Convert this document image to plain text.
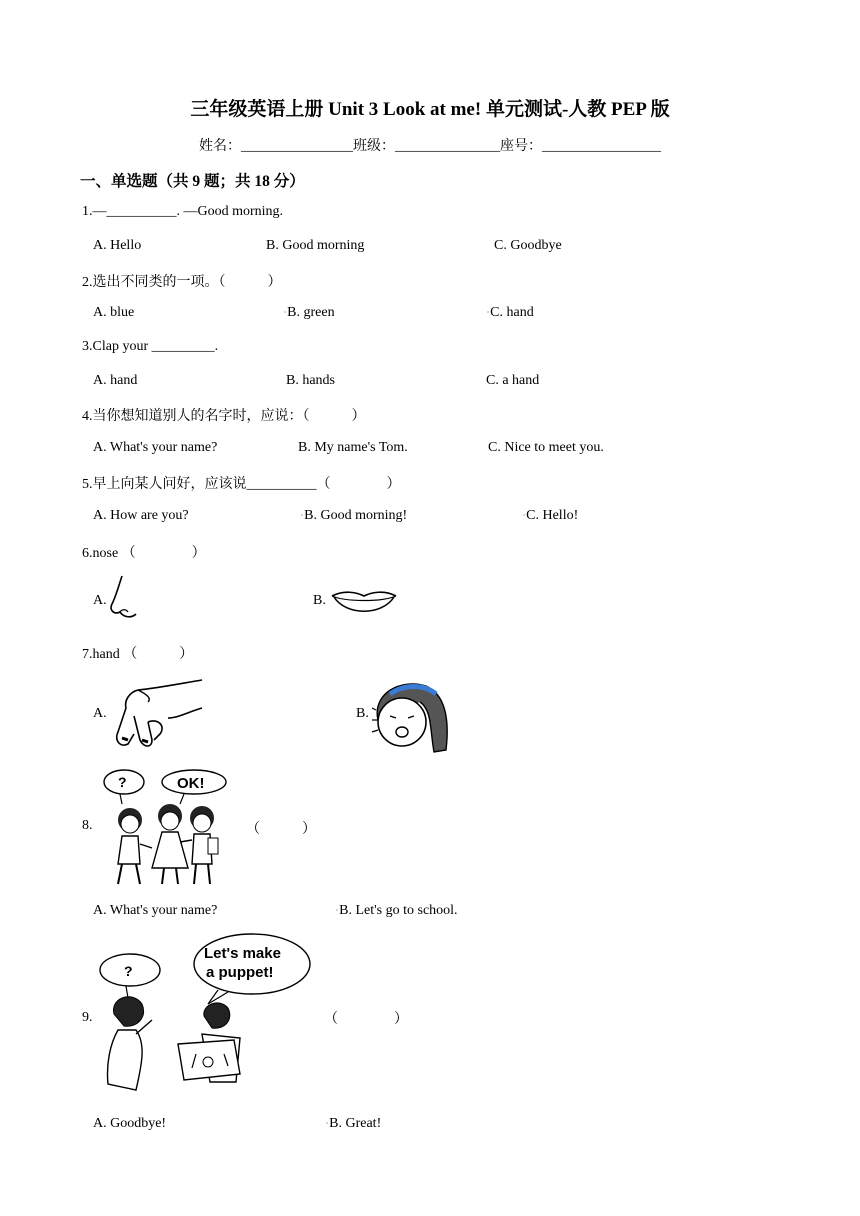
三年级英语上册 Unit 3 Look at me! 单元测试-人教 PEP 版
姓名：________________班级：_______________座号：_________________
一、单选题（共 9 题；共 18 分）
1.—__________. —Good morning.
A. Hello	B. Good morning	C. Goodbye
2.选出不同类的一项。（　　　）
A. blue	▫B. green	▫C. hand
3.Clap your _________.
A. hand	B. hands	C. a hand
4.当你想知道别人的名字时，应说：（　　　）
A. What's your name?	B. My name's Tom.	C. Nice to meet you.
5.早上向某人问好，应该说__________（　　　　）
A. How are you?	▫B. Good morning!	▫C. Hello!
6.nose （　　　　）
A.	B.
7.hand （　　　）
A.	B.
8.
?	OK!
（　　　）
A. What's your name?	▫B. Let's go to school.
9.
?
Let's make
a puppet!
（　　　　）
A. Goodbye!	▫B. Great!
